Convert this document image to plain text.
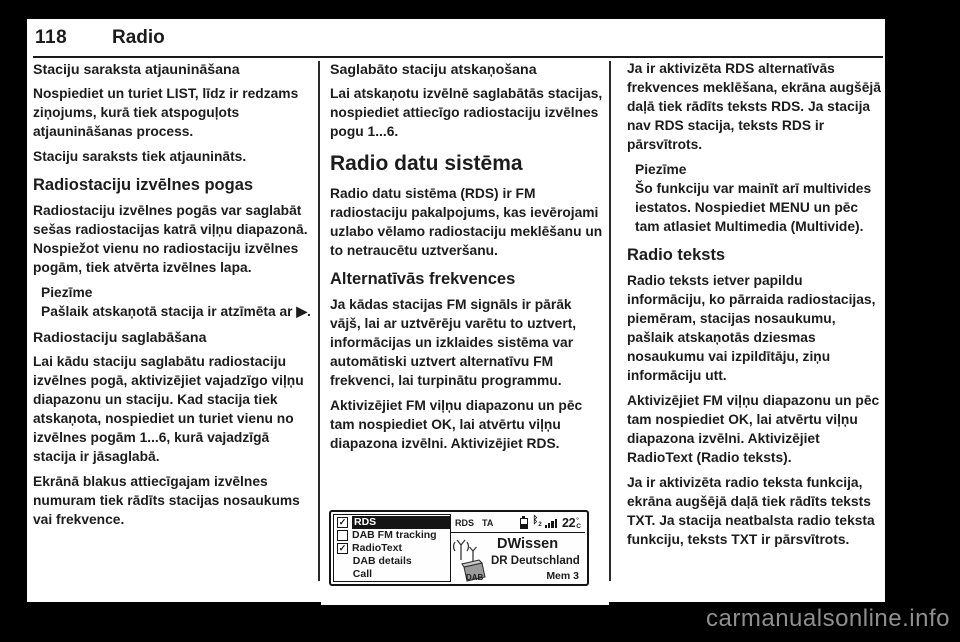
118 Radio
Staciju saraksta atjaunināšana

Nospiediet un turiet LIST, līdz ir redzams ziņojums, kurā tiek atspoguļots atjaunināšanas process.

Staciju saraksts tiek atjaunināts.

Radiostaciju izvēlnes pogas

Radiostaciju izvēlnes pogās var saglabāt sešas radiostacijas katrā viļņu diapazonā. Nospiežot vienu no radiostaciju izvēlnes pogām, tiek atvērta izvēlnes lapa.

Piezīme
Pašlaik atskaņotā stacija ir atzīmēta ar ▶.
Radiostaciju saglabāšana

Lai kādu staciju saglabātu radiostaciju izvēlnes pogā, aktivizējiet vajadzīgo viļņu diapazonu un staciju. Kad stacija tiek atskaņota, nospiediet un turiet vienu no izvēlnes pogām 1...6, kurā vajadzīgā stacija ir jāsaglabā.

Ekrānā blakus attiecīgajam izvēlnes numuram tiek rādīts stacijas nosaukums vai frekvence.

Saglabāto staciju atskaņošana

Lai atskaņotu izvēlnē saglabātās stacijas, nospiediet attiecīgo radiostaciju izvēlnes pogu 1...6.

Radio datu sistēma

Radio datu sistēma (RDS) ir FM radiostaciju pakalpojums, kas ievērojami uzlabo vēlamo radiostaciju meklēšanu un to netraucētu uztveršanu.

Alternatīvās frekvences

Ja kādas stacijas FM signāls ir pārāk vājš, lai ar uztvērēju varētu to uztvert, informācijas un izklaides sistēma var automātiski uztvert alternatīvu FM frekvenci, lai turpinātu programmu.

Aktivizējiet FM viļņu diapazonu un pēc tam nospiediet OK, lai atvērtu viļņu diapazona izvēlni. Aktivizējiet RDS.

Ja ir aktivizēta RDS alternatīvās frekvences meklēšana, ekrāna augšējā daļā tiek rādīts teksts RDS. Ja stacija nav RDS stacija, teksts RDS ir pārsvītrots.

Piezīme
Šo funkciju var mainīt arī multivides iestatos. Nospiediet MENU un pēc tam atlasiet Multimedia (Multivide).
Radio teksts

Radio teksts ietver papildu informāciju, ko pārraida radiostacijas, piemēram, stacijas nosaukumu, pašlaik atskaņotās dziesmas nosaukumu vai izpildītāju, ziņu informāciju utt.

Aktivizējiet FM viļņu diapazonu un pēc tam nospiediet OK, lai atvērtu viļņu diapazona izvēlni. Aktivizējiet RadioText (Radio teksts).

Ja ir aktivizēta radio teksta funkcija, ekrāna augšējā daļā tiek rādīts teksts TXT. Ja stacija neatbalsta radio teksta funkciju, teksts TXT ir pārsvītrots.

✓ RDS
DAB FM tracking
✓ RadioText
DAB details
Call
RDS TA	ᛒ$_2$ 22 °
C
DAB
DWissen
DR Deutschland
Mem 3
carmanualsonline.info
